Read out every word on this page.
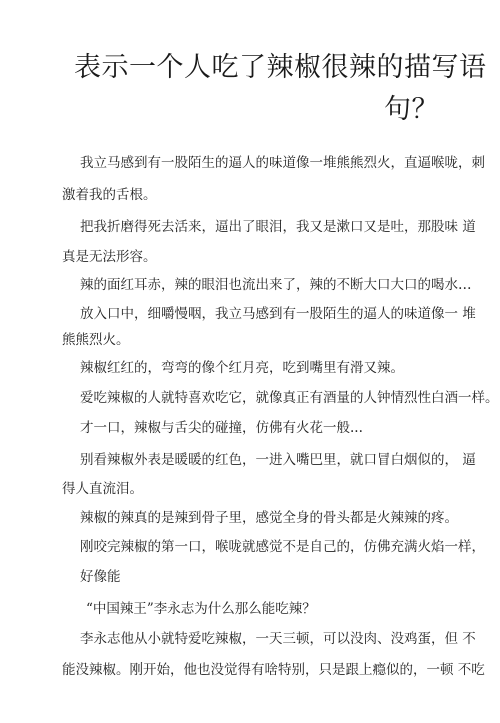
表示一个人吃了辣椒很辣的描写语
句？
我立马感到有一股陌生的逼人的味道像一堆熊熊烈火，直逼喉咙，刺
激着我的舌根。
把我折磨得死去活来，逼出了眼泪，我又是漱口又是吐，那股味 道
真是无法形容。
辣的面红耳赤，辣的眼泪也流出来了，辣的不断大口大口的喝水…
放入口中，细嚼慢咽，我立马感到有一股陌生的逼人的味道像一 堆
熊熊烈火。
辣椒红红的，弯弯的像个红月亮，吃到嘴里有滑又辣。
爱吃辣椒的人就特喜欢吃它，就像真正有酒量的人钟情烈性白酒一样。
才一口，辣椒与舌尖的碰撞，仿佛有火花一般...
别看辣椒外表是暖暖的红色，一进入嘴巴里，就口冒白烟似的， 逼
得人直流泪。
辣椒的辣真的是辣到骨子里，感觉全身的骨头都是火辣辣的疼。
刚咬完辣椒的第一口，喉咙就感觉不是自己的，仿佛充满火焰一样，
好像能
“中国辣王”李永志为什么那么能吃辣？
李永志他从小就特爱吃辣椒，一天三顿，可以没肉、没鸡蛋，但 不
能没辣椒。刚开始，他也没觉得有啥特别，只是跟上瘾似的，一顿 不吃
